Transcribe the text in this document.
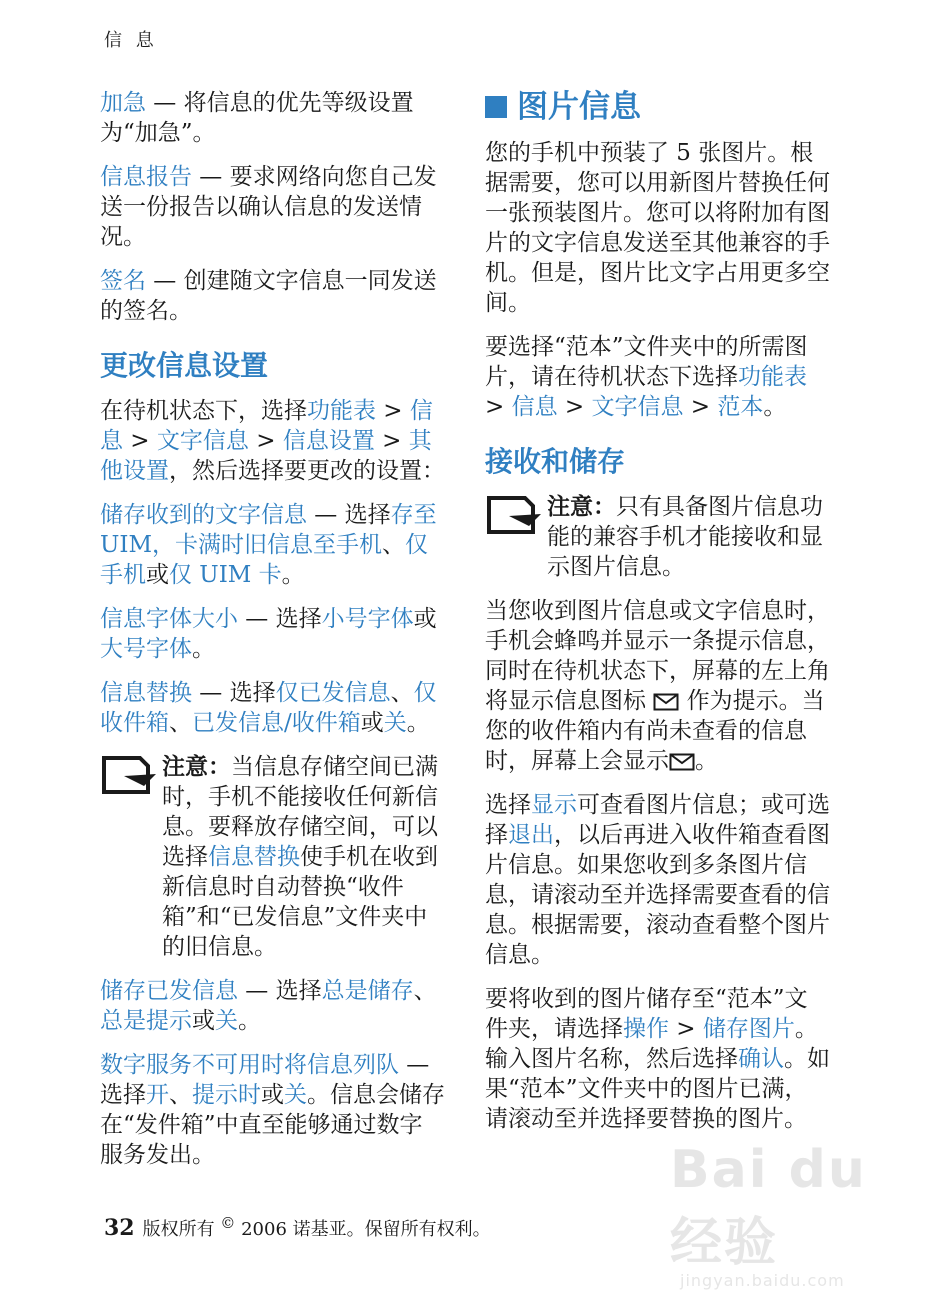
信 息

加急 — 将信息的优先等级设置为“加急”。

信息报告 — 要求网络向您自己发送一份报告以确认信息的发送情况。

签名 — 创建随文字信息一同发送的签名。

更改信息设置

在待机状态下，选择功能表 > 信息 > 文字信息 > 信息设置 > 其他设置，然后选择要更改的设置：

储存收到的文字信息 — 选择存至 UIM，卡满时旧信息至手机、仅手机或仅 UIM 卡。

信息字体大小 — 选择小号字体或大号字体。

信息替换 — 选择仅已发信息、仅收件箱、已发信息/收件箱或关。

注意：当信息存储空间已满时，手机不能接收任何新信息。要释放存储空间，可以选择信息替换使手机在收到新信息时自动替换“收件箱”和“已发信息”文件夹中的旧信息。

储存已发信息 — 选择总是储存、总是提示或关。

数字服务不可用时将信息列队 — 选择开、提示时或关。信息会储存在“发件箱”中直至能够通过数字服务发出。

图片信息

您的手机中预装了 5 张图片。根据需要，您可以用新图片替换任何一张预装图片。您可以将附加有图片的文字信息发送至其他兼容的手机。但是，图片比文字占用更多空间。

要选择“范本”文件夹中的所需图片，请在待机状态下选择功能表 > 信息 > 文字信息 > 范本。

接收和储存
注意：只有具备图片信息功能的兼容手机才能接收和显示图片信息。

当您收到图片信息或文字信息时，手机会蜂鸣并显示一条提示信息，同时在待机状态下，屏幕的左上角将显示信息图标 作为提示。当您的收件箱内有尚未查看的信息时，屏幕上会显示 。

选择显示可查看图片信息；或可选择退出，以后再进入收件箱查看图片信息。如果您收到多条图片信息，请滚动至并选择需要查看的信息。根据需要，滚动查看整个图片信息。

要将收到的图片储存至“范本”文件夹，请选择操作 > 储存图片。输入图片名称，然后选择确认。如果“范本”文件夹中的图片已满，请滚动至并选择要替换的图片。

32 版权所有 © 2006 诺基亚。保留所有权利。
Bai du 经验
jingyan.baidu.com
